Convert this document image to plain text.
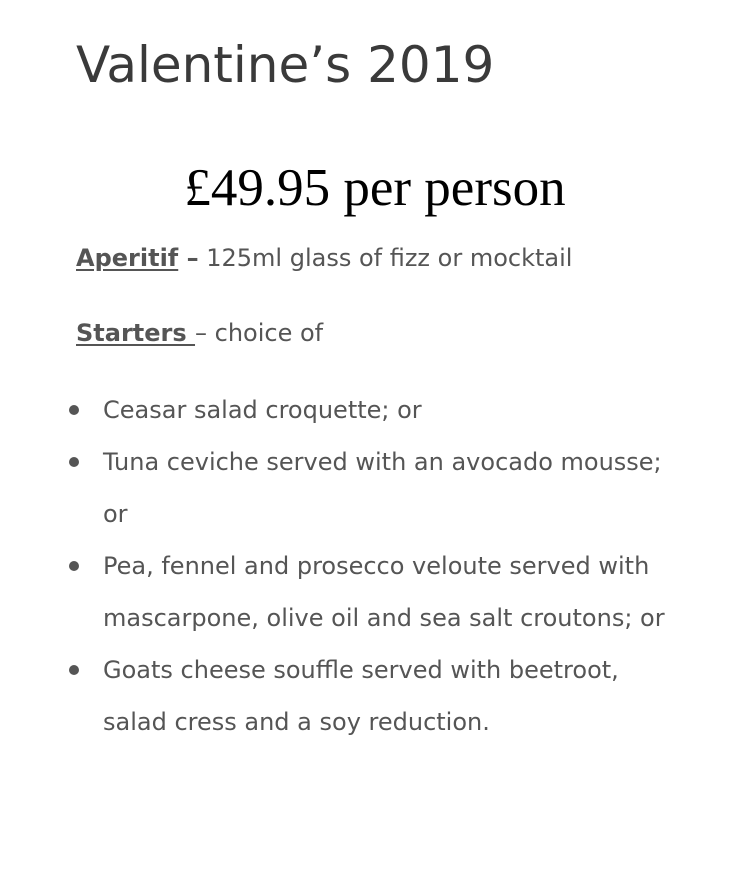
Valentine’s 2019
£49.95 per person

Aperitif – 125ml glass of fizz or mocktail

Starters – choice of

Ceasar salad croquette; or
Tuna ceviche served with an avocado mousse; or
Pea, fennel and prosecco veloute served with mascarpone, olive oil and sea salt croutons; or
Goats cheese souffle served with beetroot, salad cress and a soy reduction.
